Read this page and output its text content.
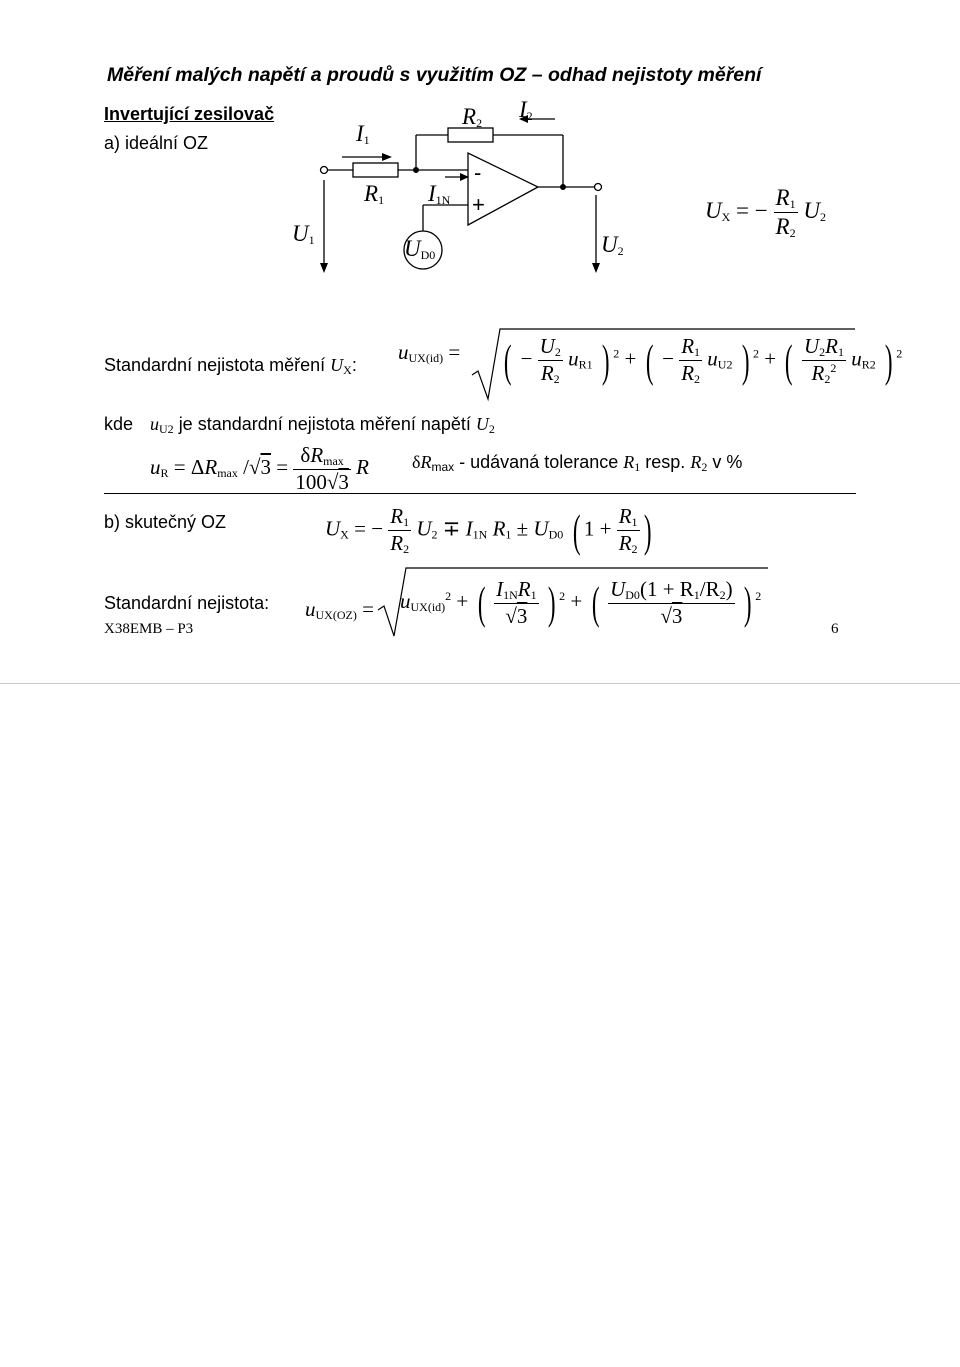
Měření malých napětí a proudů s využitím OZ – odhad nejistoty měření
Invertující zesilovač
a) ideální OZ	$I_1$
$R_1$ $I_{1N}$
$R_2$
$I_2$
$U_{D0}$
$U_1$	$U_2$
-
+	$U_X$ = − $\frac{R_1}{R_2} U_2$
Standardní nejistota měření $U_X$:
$u_{UX(id)}$ = ( − $\frac{U_2}{R_2} u_{R1}$ ) $^2$ + ( − $\frac{R_1}{R_2} u_{U2}$ ) $^2$ + ( $\frac{U_2R_1}{R_2^2} u_{R2}$ ) $^2$
kde $u_{U2}$ je standardní nejistota měření napětí $U_2$
$u_R = \Delta R_{max}$ $/√3 = \frac{\delta R_{max}}{100√3}$ R $\delta R_{max}$ - udávaná tolerance $R_1$ resp. $R_2$ v %
b) skutečný OZ	$U_X$ = − $\frac{R_1}{R_2} U_2 \mp I_{1N}$ $R_1 \pm U_{D0}$ ( $1 + \frac{R_1}{R_2}$ )
Standardní nejistota: $u_{UX(OZ)} = u_{UX(id)}^2$ + ( $\frac{I_{1N}R_1}{√3}$ ) $^2$ + ( $\frac{U_{D0}(1 + R_1/R_2)}{√3}$ ) $^2$
X38EMB – P3	6
